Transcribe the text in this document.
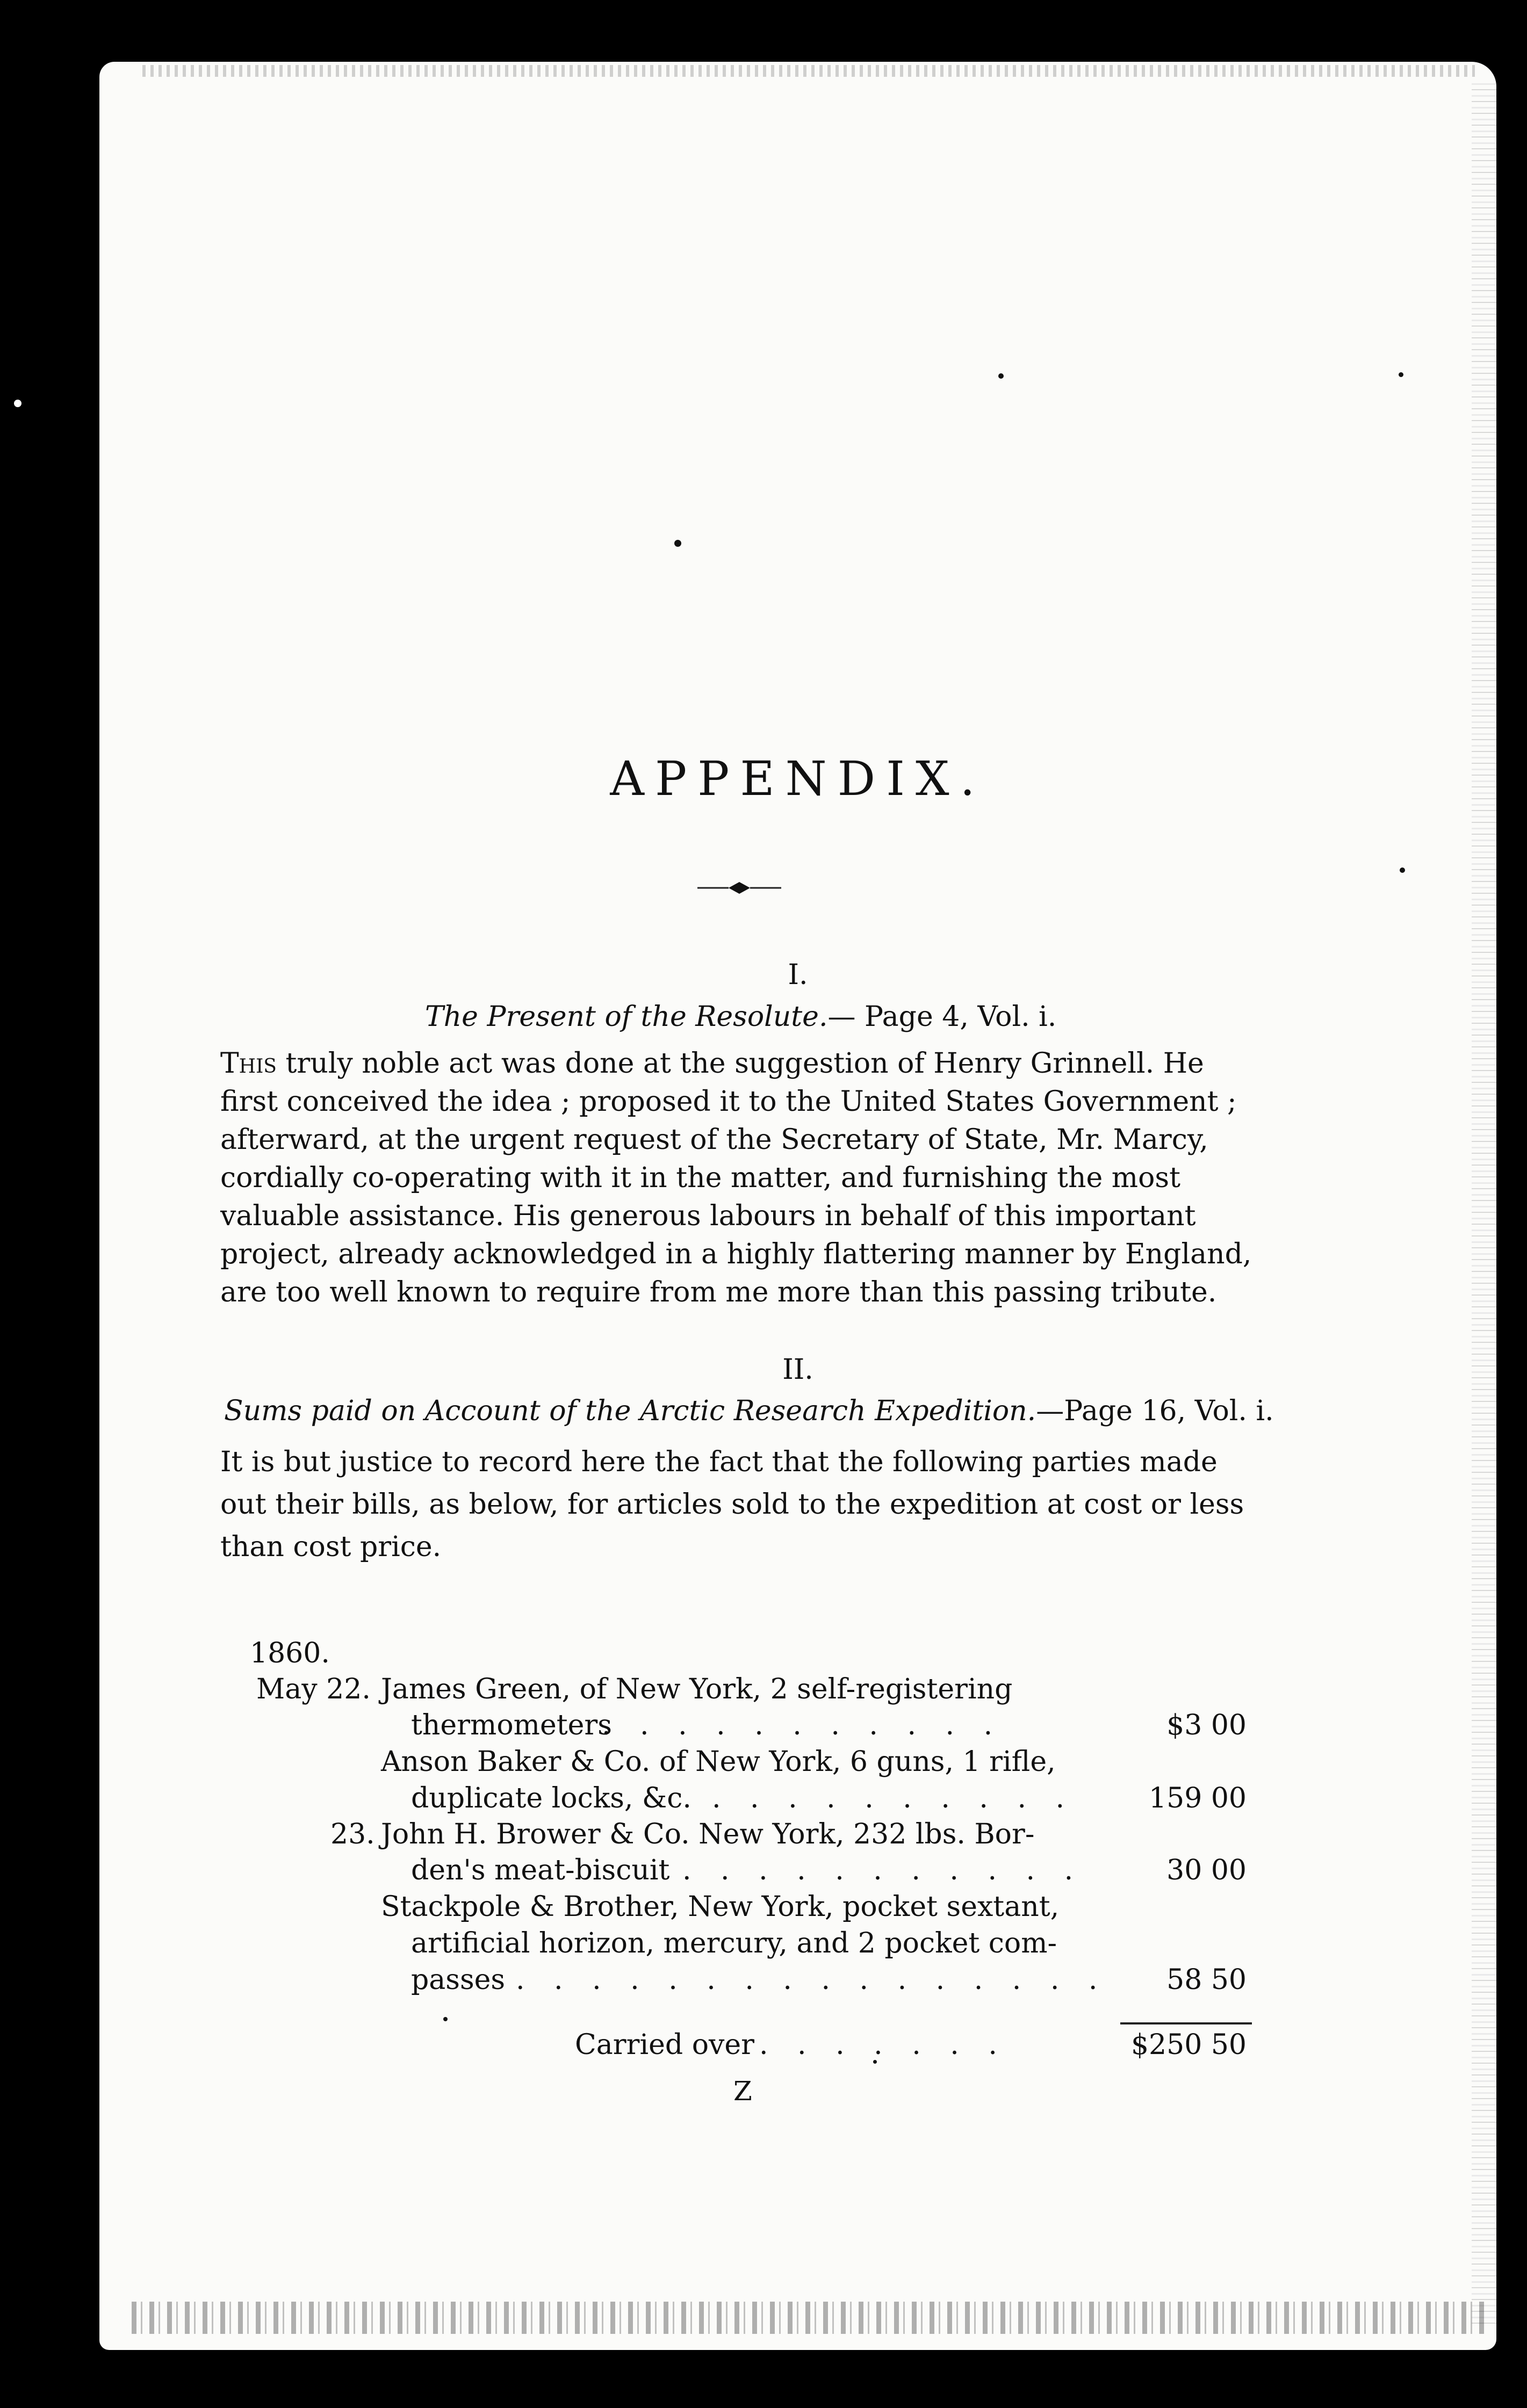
APPENDIX.
I.
The Present of the Resolute.— Page 4, Vol. i.
This truly noble act was done at the suggestion of Henry Grinnell. He
first conceived the idea ; proposed it to the United States Government ;
afterward, at the urgent request of the Secretary of State, Mr. Marcy,
cordially co-operating with it in the matter, and furnishing the most
valuable assistance. His generous labours in behalf of this important
project, already acknowledged in a highly flattering manner by England,
are too well known to require from me more than this passing tribute.
II.
Sums paid on Account of the Arctic Research Expedition.—Page 16, Vol. i.
It is but justice to record here the fact that the following parties made
out their bills, as below, for articles sold to the expedition at cost or less
than cost price.
1860.
May 22. James Green, of New York, 2 self-registering
thermometers
. . . . . . . . . . .	$3 00
Anson Baker & Co. of New York, 6 guns, 1 rifle,
duplicate locks, &c. . . . . . . . . . .	159 00
23. John H. Brower & Co. New York, 232 lbs. Bor-
den's meat-biscuit . . . . . . . . . . .	30 00
Stackpole & Brother, New York, pocket sextant,
artificial horizon, mercury, and 2 pocket com-
passes . . . . . . . . . . . . . . . .	58 50
Carried over . . . . . . .	$250 50
Z
